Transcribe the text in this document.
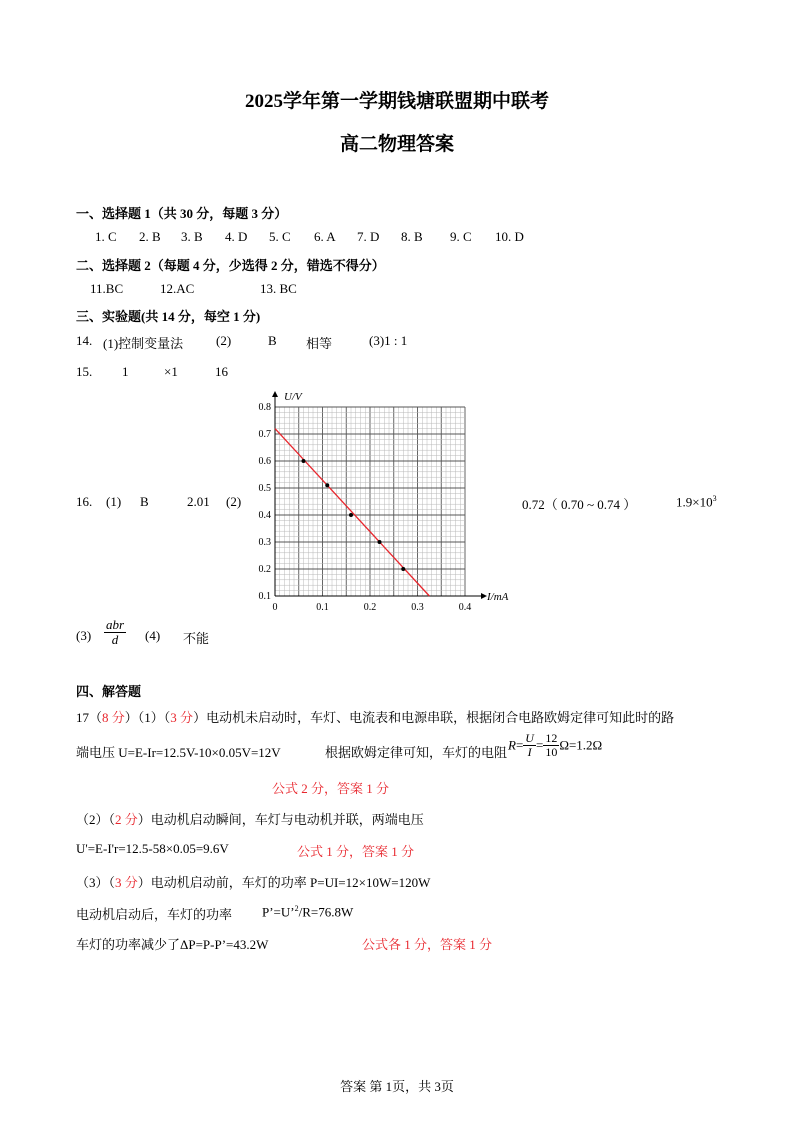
2025学年第一学期钱塘联盟期中联考
高二物理答案
一、选择题 1（共 30 分，每题 3 分）
1. C 2. B 3. B 4. D 5. C 6. A 7. D 8. B 9. C 10. D
二、选择题 2（每题 4 分，少选得 2 分，错选不得分）
11.BC	12.AC	13. BC
三、实验题(共 14 分，每空 1 分)
14. (1)控制变量法	(2)	B 相等	(3)1 : 1
15. 1	×1	16
16. (1) B	2.01 (2)	0.72（ 0.70 ~ 0.74 ）	$1.9\times 10^3$
0	0.1	0.2	0.3	0.4
0.1
0.2
0.3
0.4
0.5
0.6
0.7
0.8
U/V
I/mA
$(3) \frac{\text{abr}}{d} (4)$ 不能
四、解答题
17（8 分）（1）（3 分）电动机未启动时，车灯、电流表和电源串联，根据闭合电路欧姆定律可知此时的路
端电压 U=E-Ir=12.5V-10×0.05V=12V	根据欧姆定律可知，车灯的电阻 $R= \frac{U}{I} = \frac{12}{10} \Omega=1.2\Omega$
公式 2 分，答案 1 分
（2）（2 分）电动机启动瞬间，车灯与电动机并联，两端电压
U'=E-I'r=12.5-58×0.05=9.6V	公式 1 分，答案 1 分
（3）（3 分）电动机启动前，车灯的功率 P=UI=12×10W=120W
电动机启动后，车灯的功率 P’=U’$^2$/R=76.8W
车灯的功率减少了ΔP=P-P’=43.2W	公式各 1 分，答案 1 分
答案 第 1页，共 3页
